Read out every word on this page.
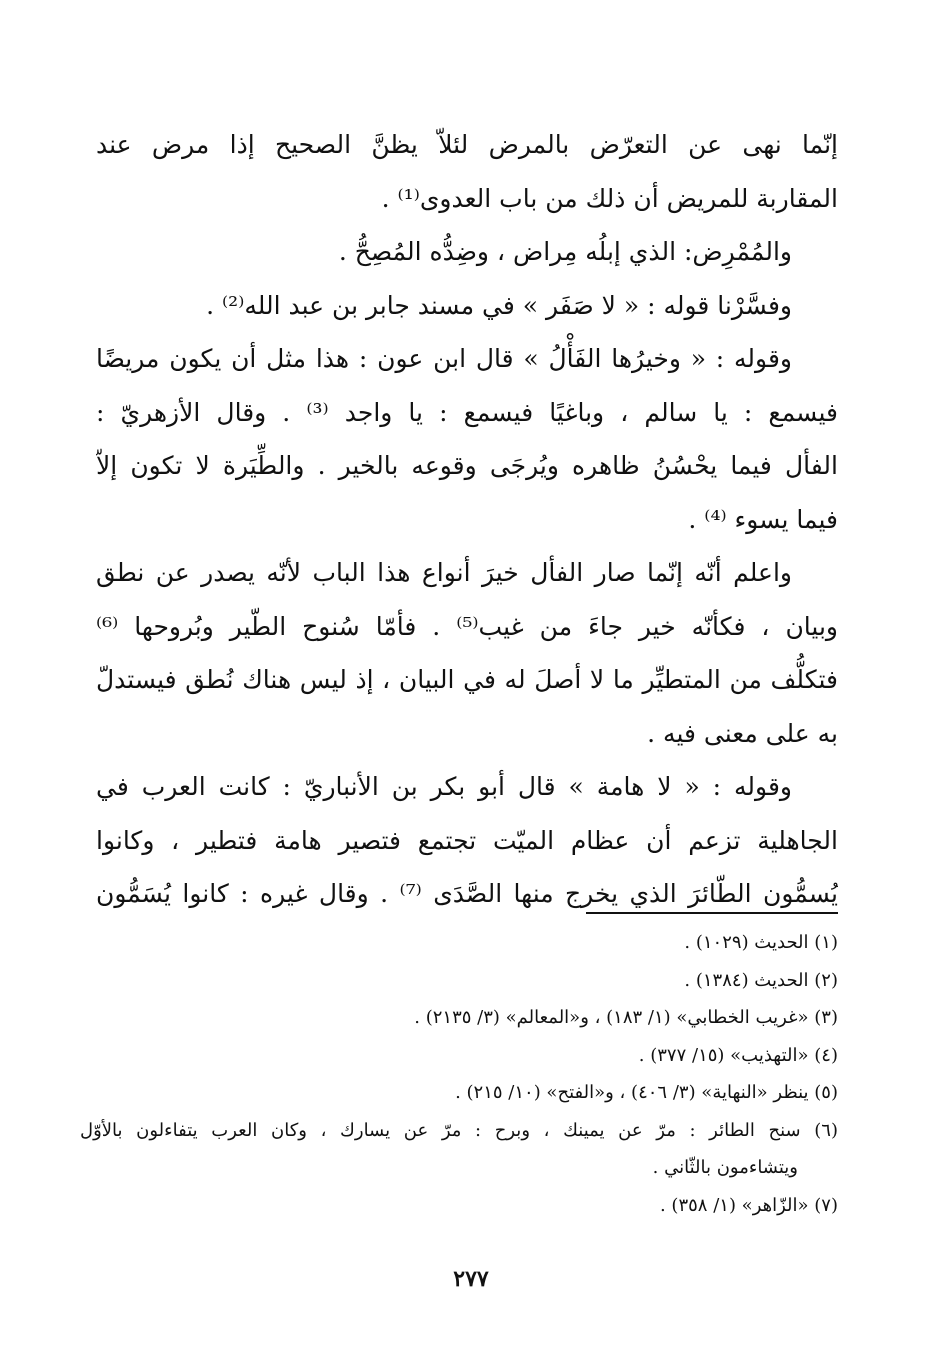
إنّما نهى عن التعرّض بالمرض لئلاّ يظنَّ الصحيح إذا مرض عند
المقاربة للمريض أن ذلك من باب العدوى⁽¹⁾ .
والمُمْرِض: الذي إبلُه مِراض ، وضِدُّه المُصِحُّ .
وفسَّرْنا قوله : « لا صَفَر » في مسند جابر بن عبد الله⁽²⁾ .
وقوله : « وخيرُها الفَأْلُ » قال ابن عون : هذا مثل أن يكون مريضًا
فيسمع : يا سالم ، وباغيًا فيسمع : يا واجد ⁽³⁾ . وقال الأزهريّ :
الفأل فيما يحْسُنُ ظاهره ويُرجَى وقوعه بالخير . والطِّيَرة لا تكون إلاّ
فيما يسوء ⁽⁴⁾ .
واعلم أنّه إنّما صار الفأل خيرَ أنواع هذا الباب لأنّه يصدر عن نطق
وبيان ، فكأنّه خير جاءَ من غيب⁽⁵⁾ . فأمّا سُنوح الطّير وبُروحها ⁽⁶⁾
فتكلُّف من المتطيِّر ما لا أصلَ له في البيان ، إذ ليس هناك نُطق فيستدلّ
به على معنى فيه .
وقوله : « لا هامة » قال أبو بكر بن الأنباريّ : كانت العرب في
الجاهلية تزعم أن عظام الميّت تجتمع فتصير هامة فتطير ، وكانوا
يُسمُّون الطّائرَ الذي يخرج منها الصَّدَى ⁽⁷⁾ . وقال غيره : كانوا يُسَمُّون
(١) الحديث (١٠٢٩) .
(٢) الحديث (١٣٨٤) .
(٣) «غريب الخطابي» (١/ ١٨٣) ، و«المعالم» (٣/ ٢١٣٥) .
(٤) «التهذيب» (١٥/ ٣٧٧) .
(٥) ينظر «النهاية» (٣/ ٤٠٦) ، و«الفتح» (١٠/ ٢١٥) .
(٦) سنح الطائر : مرّ عن يمينك ، وبرح : مرّ عن يسارك ، وكان العرب يتفاءلون بالأوّل
ويتشاءمون بالثّاني .
(٧) «الزّاهر» (١/ ٣٥٨) .
٢٧٧
